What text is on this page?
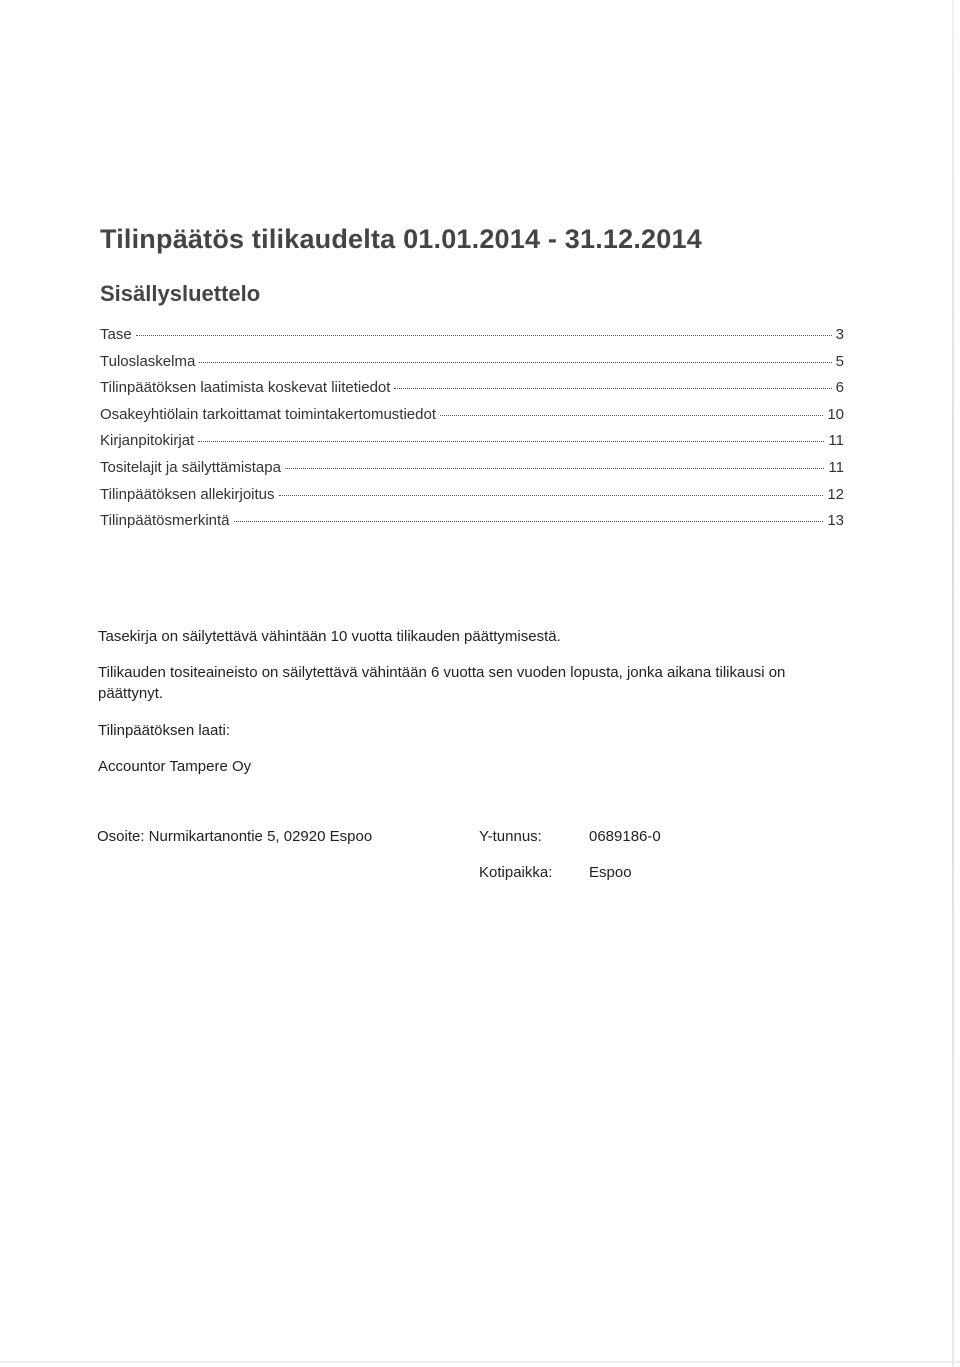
Tilinpäätös tilikaudelta 01.01.2014 - 31.12.2014
Sisällysluettelo
Tase	3
Tuloslaskelma	5
Tilinpäätöksen laatimista koskevat liitetiedot	6
Osakeyhtiölain tarkoittamat toimintakertomustiedot	10
Kirjanpitokirjat	11
Tositelajit ja säilyttämistapa	11
Tilinpäätöksen allekirjoitus	12
Tilinpäätösmerkintä	13
Tasekirja on säilytettävä vähintään 10 vuotta tilikauden päättymisestä.
Tilikauden tositeaineisto on säilytettävä vähintään 6 vuotta sen vuoden lopusta, jonka aikana tilikausi on päättynyt.
Tilinpäätöksen laati:
Accountor Tampere Oy
Osoite: Nurmikartanontie 5, 02920 Espoo	Y-tunnus:	0689186-0
Kotipaikka: Espoo
